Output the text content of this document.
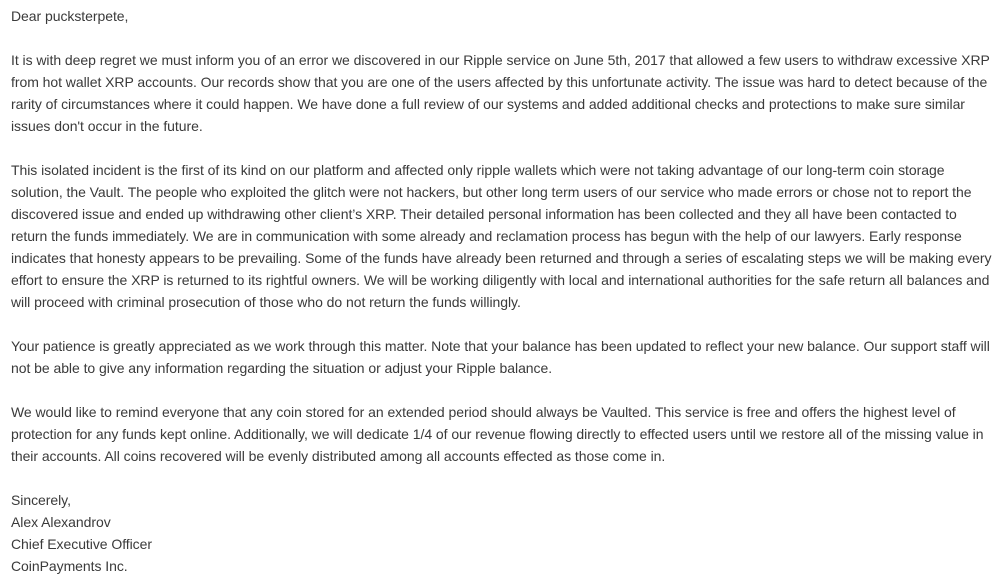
Dear pucksterpete,

It is with deep regret we must inform you of an error we discovered in our Ripple service on June 5th, 2017 that allowed a few users to withdraw excessive XRP from hot wallet XRP accounts. Our records show that you are one of the users affected by this unfortunate activity. The issue was hard to detect because of the rarity of circumstances where it could happen. We have done a full review of our systems and added additional checks and protections to make sure similar issues don't occur in the future.

This isolated incident is the first of its kind on our platform and affected only ripple wallets which were not taking advantage of our long-term coin storage solution, the Vault. The people who exploited the glitch were not hackers, but other long term users of our service who made errors or chose not to report the discovered issue and ended up withdrawing other client’s XRP. Their detailed personal information has been collected and they all have been contacted to return the funds immediately. We are in communication with some already and reclamation process has begun with the help of our lawyers. Early response indicates that honesty appears to be prevailing. Some of the funds have already been returned and through a series of escalating steps we will be making every effort to ensure the XRP is returned to its rightful owners. We will be working diligently with local and international authorities for the safe return all balances and will proceed with criminal prosecution of those who do not return the funds willingly.

Your patience is greatly appreciated as we work through this matter. Note that your balance has been updated to reflect your new balance. Our support staff will not be able to give any information regarding the situation or adjust your Ripple balance.

We would like to remind everyone that any coin stored for an extended period should always be Vaulted. This service is free and offers the highest level of protection for any funds kept online. Additionally, we will dedicate 1/4 of our revenue flowing directly to effected users until we restore all of the missing value in their accounts. All coins recovered will be evenly distributed among all accounts effected as those come in.

Sincerely,

Alex Alexandrov

Chief Executive Officer

CoinPayments Inc.
